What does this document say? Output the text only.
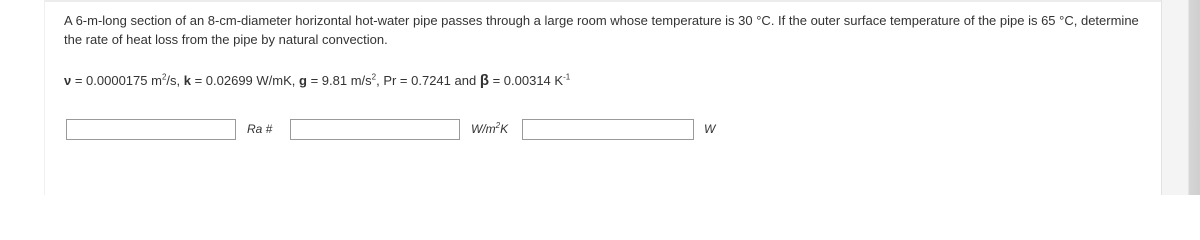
A 6-m-long section of an 8-cm-diameter horizontal hot-water pipe passes through a large room whose temperature is 30 °C. If the outer surface temperature of the pipe is 65 °C, determine the rate of heat loss from the pipe by natural convection.
ν = 0.0000175 $m^2/s$, k = 0.02699 W/mK, g = 9.81 $m/s^2$, Pr = 0.7241 and β = 0.00314 $K^{-1}$
Ra #	$W/m^2K$	W
